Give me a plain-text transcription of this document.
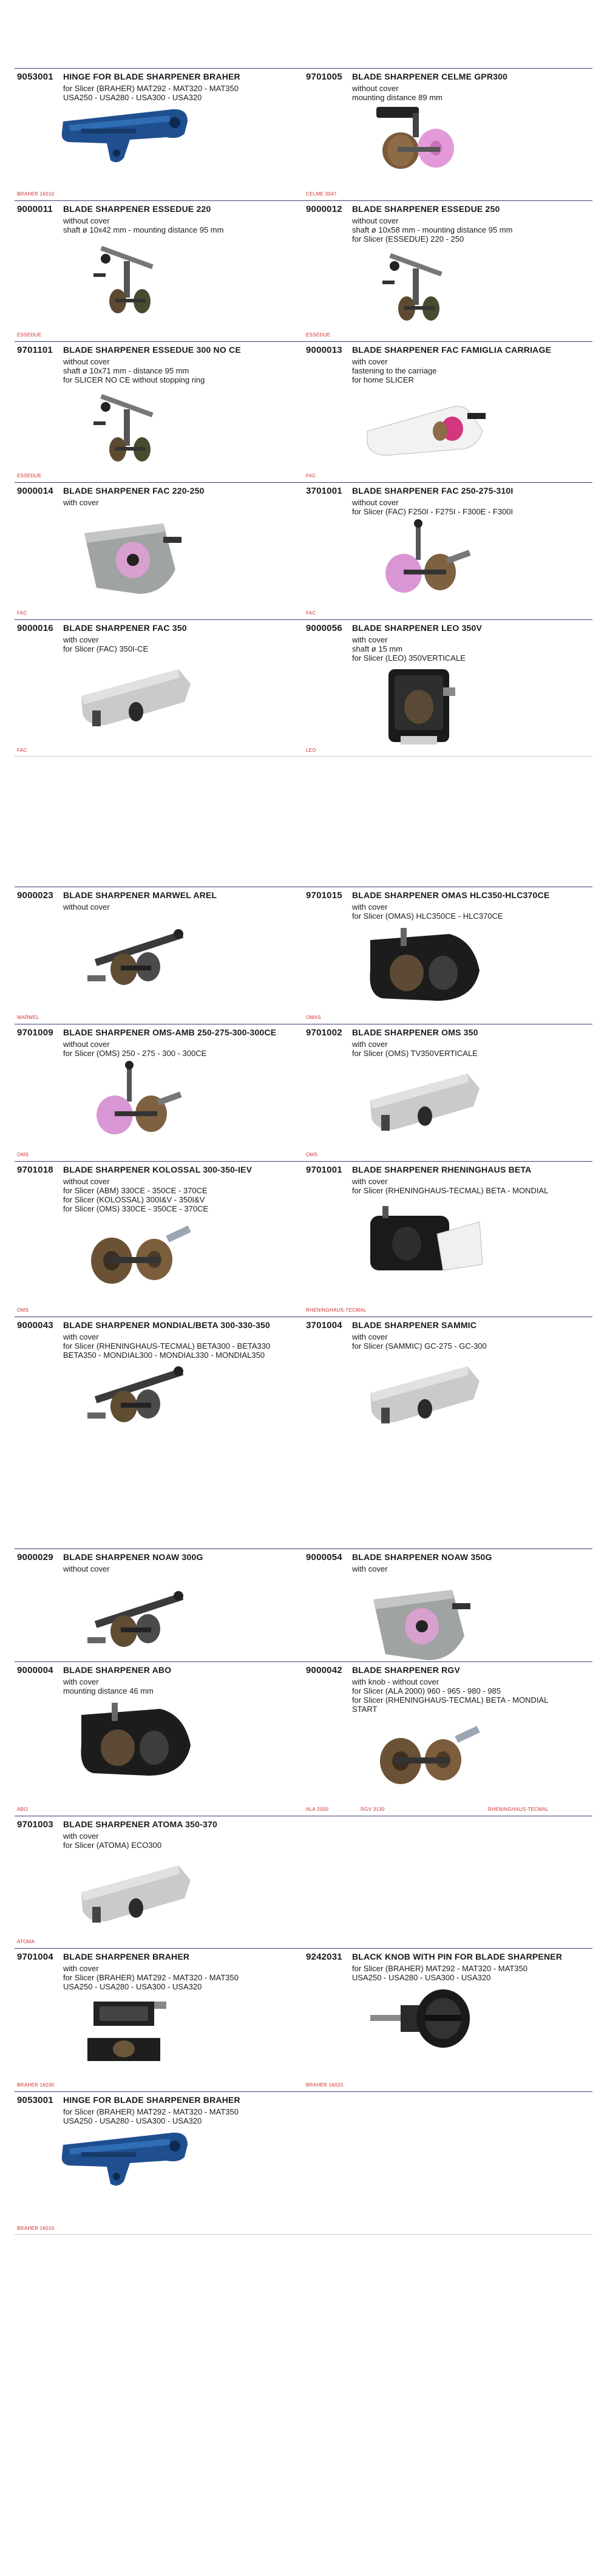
9053001 HINGE FOR BLADE SHARPENER BRAHER
for Slicer (BRAHER) MAT292 - MAT320 - MAT350
USA250 - USA280 - USA300 - USA320
BRAHER 16010
9701005 BLADE SHARPENER CELME GPR300
without cover
mounting distance 89 mm
CELME 3047
9000011 BLADE SHARPENER ESSEDUE 220
without cover
shaft ø 10x42 mm - mounting distance 95 mm
ESSEDUE
9000012 BLADE SHARPENER ESSEDUE 250
without cover
shaft ø 10x58 mm - mounting distance 95 mm
for Slicer (ESSEDUE) 220 - 250
ESSEDUE
9701101 BLADE SHARPENER ESSEDUE 300 NO CE
without cover
shaft ø 10x71 mm - distance 95 mm
for SLICER NO CE without stopping ring
ESSEDUE
9000013 BLADE SHARPENER FAC FAMIGLIA CARRIAGE
with cover
fastening to the carriage
for home SLICER
FAC
9000014 BLADE SHARPENER FAC 220-250
with cover
FAC
3701001 BLADE SHARPENER FAC 250-275-310I
without cover
for Slicer (FAC) F250I - F275I - F300E - F300I
FAC
9000016 BLADE SHARPENER FAC 350
with cover
for Slicer (FAC) 350I-CE
FAC
9000056 BLADE SHARPENER LEO 350V
with cover
shaft ø 15 mm
for Slicer (LEO) 350VERTICALE
LEO
9000023 BLADE SHARPENER MARWEL AREL
without cover
MARWEL
9701015 BLADE SHARPENER OMAS HLC350-HLC370CE
with cover
for Slicer (OMAS) HLC350CE - HLC370CE
OMAS
9701009 BLADE SHARPENER OMS-AMB 250-275-300-300CE
without cover
for Slicer (OMS) 250 - 275 - 300 - 300CE
OMS
9701002 BLADE SHARPENER OMS 350
with cover
for Slicer (OMS) TV350VERTICALE
OMS
9701018 BLADE SHARPENER KOLOSSAL 300-350-IEV
without cover
for Slicer (ABM) 330CE - 350CE - 370CE
for Slicer (KOLOSSAL) 300I&V - 350I&V
for Slicer (OMS) 330CE - 350CE - 370CE
OMS
9701001 BLADE SHARPENER RHENINGHAUS BETA
with cover
for Slicer (RHENINGHAUS-TECMAL) BETA - MONDIAL
RHENINGHAUS-TECMAL
9000043 BLADE SHARPENER MONDIAL/BETA 300-330-350
with cover
for Slicer (RHENINGHAUS-TECMAL) BETA300 - BETA330
BETA350 - MONDIAL300 - MONDIAL330 - MONDIAL350
3701004 BLADE SHARPENER SAMMIC
with cover
for Slicer (SAMMIC) GC-275 - GC-300
9000029 BLADE SHARPENER NOAW 300G
without cover
9000054 BLADE SHARPENER NOAW 350G
with cover
9000004 BLADE SHARPENER ABO
with cover
mounting distance 46 mm
ABO
9000042 BLADE SHARPENER RGV
with knob - without cover
for Slicer (ALA 2000) 960 - 965 - 980 - 985
for Slicer (RHENINGHAUS-TECMAL) BETA - MONDIAL
START
ALA 2000	RGV 3130	RHENINGHAUS-TECMAL
9701003 BLADE SHARPENER ATOMA 350-370
with cover
for Slicer (ATOMA) ECO300
ATOMA
9701004 BLADE SHARPENER BRAHER
with cover
for Slicer (BRAHER) MAT292 - MAT320 - MAT350
USA250 - USA280 - USA300 - USA320
BRAHER 16030
9242031 BLACK KNOB WITH PIN FOR BLADE SHARPENER
for Slicer (BRAHER) MAT292 - MAT320 - MAT350
USA250 - USA280 - USA300 - USA320
BRAHER 16020
9053001 HINGE FOR BLADE SHARPENER BRAHER
for Slicer (BRAHER) MAT292 - MAT320 - MAT350
USA250 - USA280 - USA300 - USA320
BRAHER 16010
